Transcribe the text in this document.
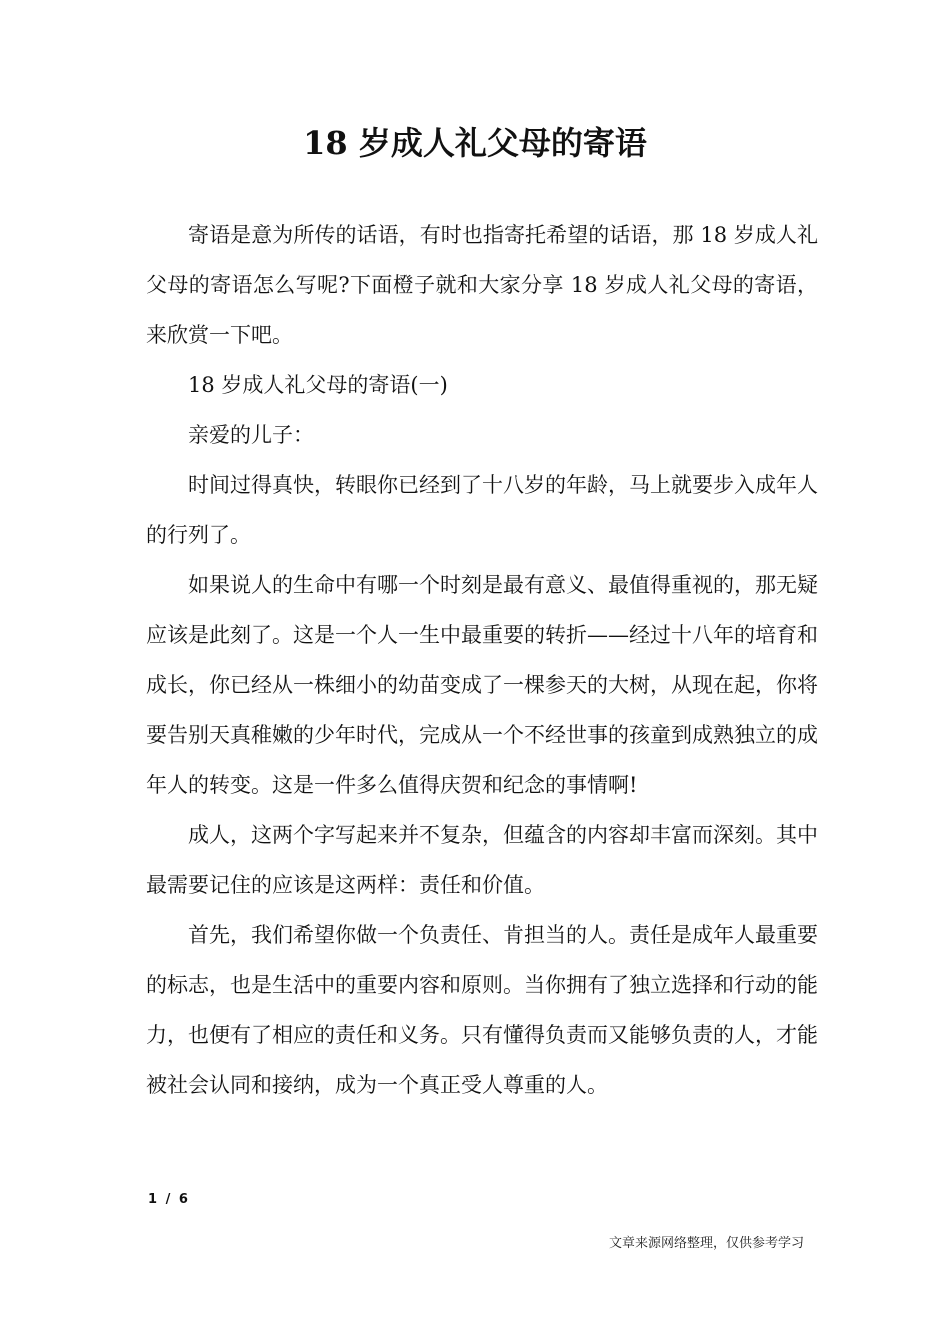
18 岁成人礼父母的寄语

寄语是意为所传的话语，有时也指寄托希望的话语，那 18 岁成人礼父母的寄语怎么写呢?下面橙子就和大家分享 18 岁成人礼父母的寄语，来欣赏一下吧。

18 岁成人礼父母的寄语(一)

亲爱的儿子：

时间过得真快，转眼你已经到了十八岁的年龄，马上就要步入成年人的行列了。

如果说人的生命中有哪一个时刻是最有意义、最值得重视的，那无疑应该是此刻了。这是一个人一生中最重要的转折——经过十八年的培育和成长，你已经从一株细小的幼苗变成了一棵参天的大树，从现在起，你将要告别天真稚嫩的少年时代，完成从一个不经世事的孩童到成熟独立的成年人的转变。这是一件多么值得庆贺和纪念的事情啊!

成人，这两个字写起来并不复杂，但蕴含的内容却丰富而深刻。其中最需要记住的应该是这两样：责任和价值。

首先，我们希望你做一个负责任、肯担当的人。责任是成年人最重要的标志，也是生活中的重要内容和原则。当你拥有了独立选择和行动的能力，也便有了相应的责任和义务。只有懂得负责而又能够负责的人，才能被社会认同和接纳，成为一个真正受人尊重的人。

1 / 6
文章来源网络整理，仅供参考学习
